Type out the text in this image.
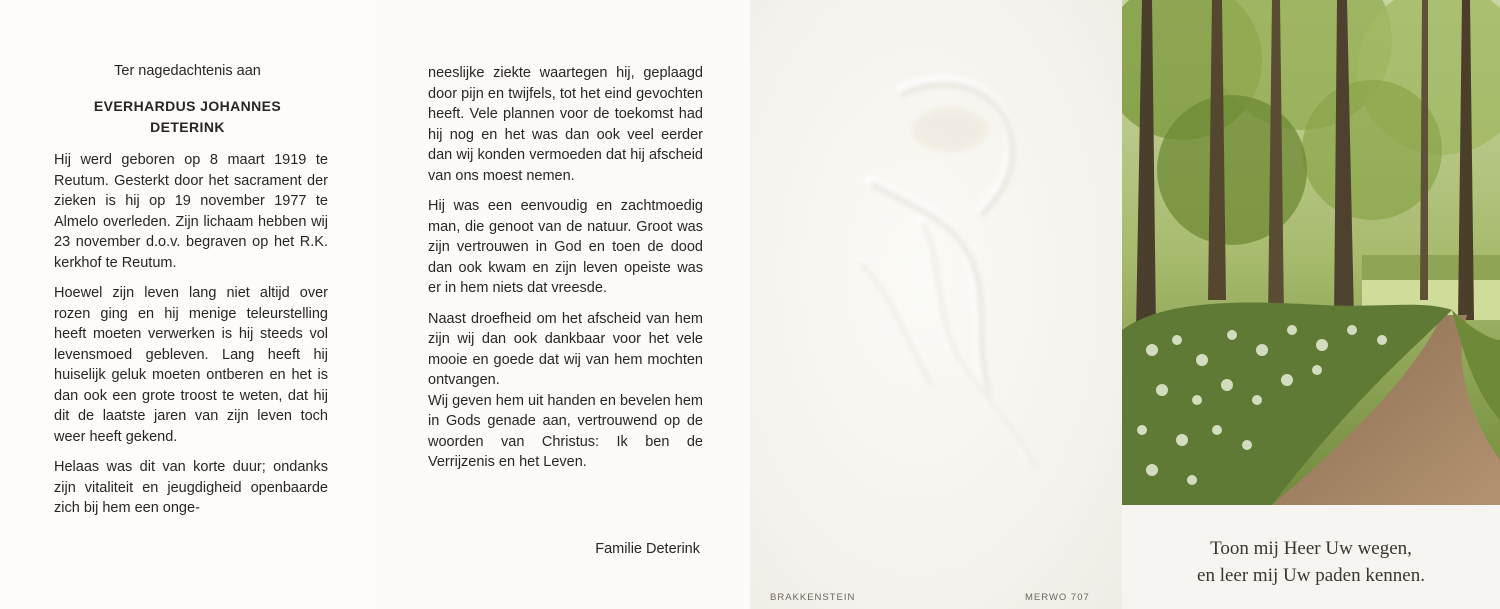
Ter nagedachtenis aan
EVERHARDUS JOHANNES
DETERINK

Hij werd geboren op 8 maart 1919 te Reutum. Gesterkt door het sacrament der zieken is hij op 19 november 1977 te Almelo overleden. Zijn lichaam hebben wij 23 november d.o.v. begraven op het R.K. kerkhof te Reutum.

Hoewel zijn leven lang niet altijd over rozen ging en hij menige teleurstelling heeft moeten verwerken is hij steeds vol levensmoed gebleven. Lang heeft hij huiselijk geluk moeten ontberen en het is dan ook een grote troost te weten, dat hij dit de laatste jaren van zijn leven toch weer heeft gekend.

Helaas was dit van korte duur; ondanks zijn vitaliteit en jeugdigheid openbaarde zich bij hem een onge-

neeslijke ziekte waartegen hij, geplaagd door pijn en twijfels, tot het eind gevochten heeft. Vele plannen voor de toekomst had hij nog en het was dan ook veel eerder dan wij konden vermoeden dat hij afscheid van ons moest nemen.

Hij was een eenvoudig en zachtmoedig man, die genoot van de natuur. Groot was zijn vertrouwen in God en toen de dood dan ook kwam en zijn leven opeiste was er in hem niets dat vreesde.

Naast droefheid om het afscheid van hem zijn wij dan ook dankbaar voor het vele mooie en goede dat wij van hem mochten ontvangen.

Wij geven hem uit handen en bevelen hem in Gods genade aan, vertrouwend op de woorden van Christus: Ik ben de Verrijzenis en het Leven.

Familie Deterink
BRAKKENSTEIN	MERWO 707
Toon mij Heer Uw wegen,
en leer mij Uw paden kennen.
